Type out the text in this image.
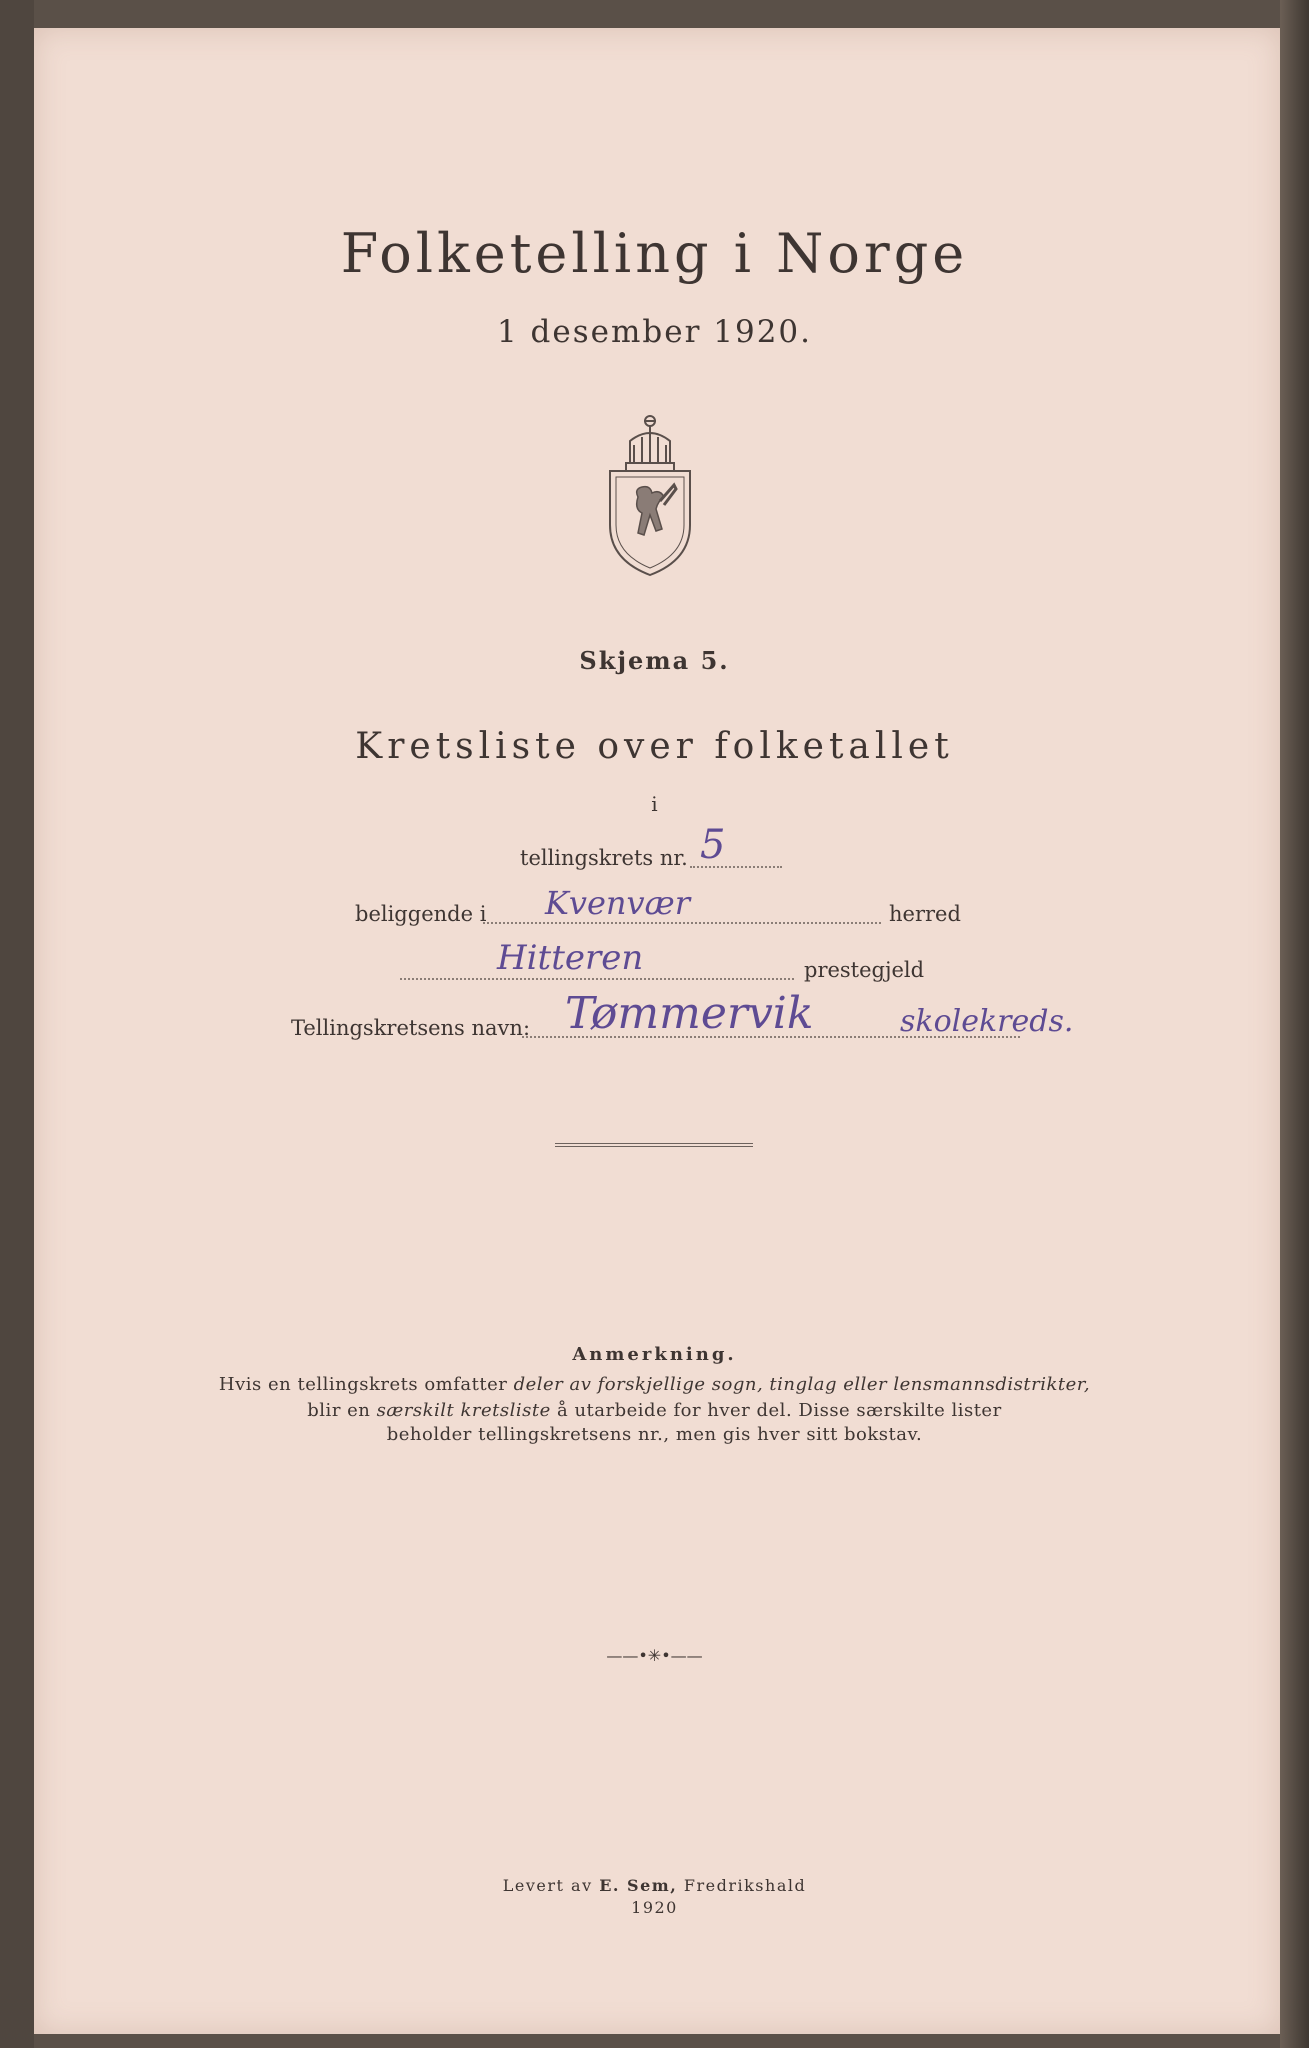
Folketelling i Norge
1 desember 1920.
Skjema 5.
Kretsliste over folketallet
i
tellingskrets nr. 5
beliggende i Kvenvær	herred
Hitteren	prestegjeld
Tellingskretsens navn: Tømmervik	skolekreds.
Anmerkning.
Hvis en tellingskrets omfatter deler av forskjellige sogn, tinglag eller lensmannsdistrikter,
blir en særskilt kretsliste å utarbeide for hver del. Disse særskilte lister
beholder tellingskretsens nr., men gis hver sitt bokstav.
——•✳•——
Levert av E. Sem, Fredrikshald
1920
